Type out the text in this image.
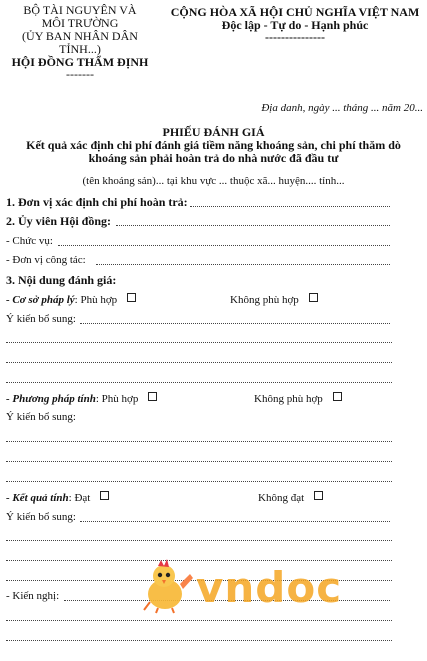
BỘ TÀI NGUYÊN VÀ
MÔI TRƯỜNG
(ỦY BAN NHÂN DÂN
TỈNH...)
HỘI ĐỒNG THẨM ĐỊNH
-------
CỘNG HÒA XÃ HỘI CHỦ NGHĨA VIỆT NAM
Độc lập - Tự do - Hạnh phúc
---------------
Địa danh, ngày ... tháng ... năm 20...
PHIẾU ĐÁNH GIÁ
Kết quả xác định chi phí đánh giá tiềm năng khoáng sản, chi phí thăm dò
khoáng sản phải hoàn trả do nhà nước đã đầu tư
(tên khoáng sản)... tại khu vực ... thuộc xã... huyện.... tỉnh...
1. Đơn vị xác định chi phí hoàn trả:
2. Ủy viên Hội đồng:
- Chức vụ:
- Đơn vị công tác:
3. Nội dung đánh giá:
- Cơ sở pháp lý: Phù hợp	Không phù hợp
Ý kiến bổ sung:
- Phương pháp tính: Phù hợp	Không phù hợp
Ý kiến bổ sung:
- Kết quả tính: Đạt	Không đạt
Ý kiến bổ sung:
- Kiến nghị:	vndoc
